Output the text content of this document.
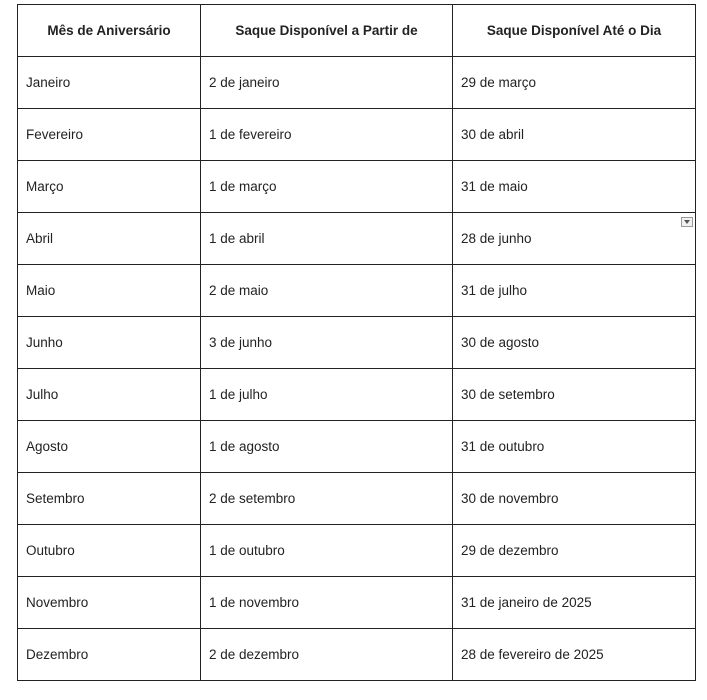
Mês de Aniversário	Saque Disponível a Partir de	Saque Disponível Até o Dia
Janeiro	2 de janeiro	29 de março
Fevereiro	1 de fevereiro	30 de abril
Março	1 de março	31 de maio
Abril	1 de abril	28 de junho

Maio	2 de maio	31 de julho
Junho	3 de junho	30 de agosto
Julho	1 de julho	30 de setembro
Agosto	1 de agosto	31 de outubro
Setembro	2 de setembro	30 de novembro
Outubro	1 de outubro	29 de dezembro
Novembro	1 de novembro	31 de janeiro de 2025
Dezembro	2 de dezembro	28 de fevereiro de 2025
